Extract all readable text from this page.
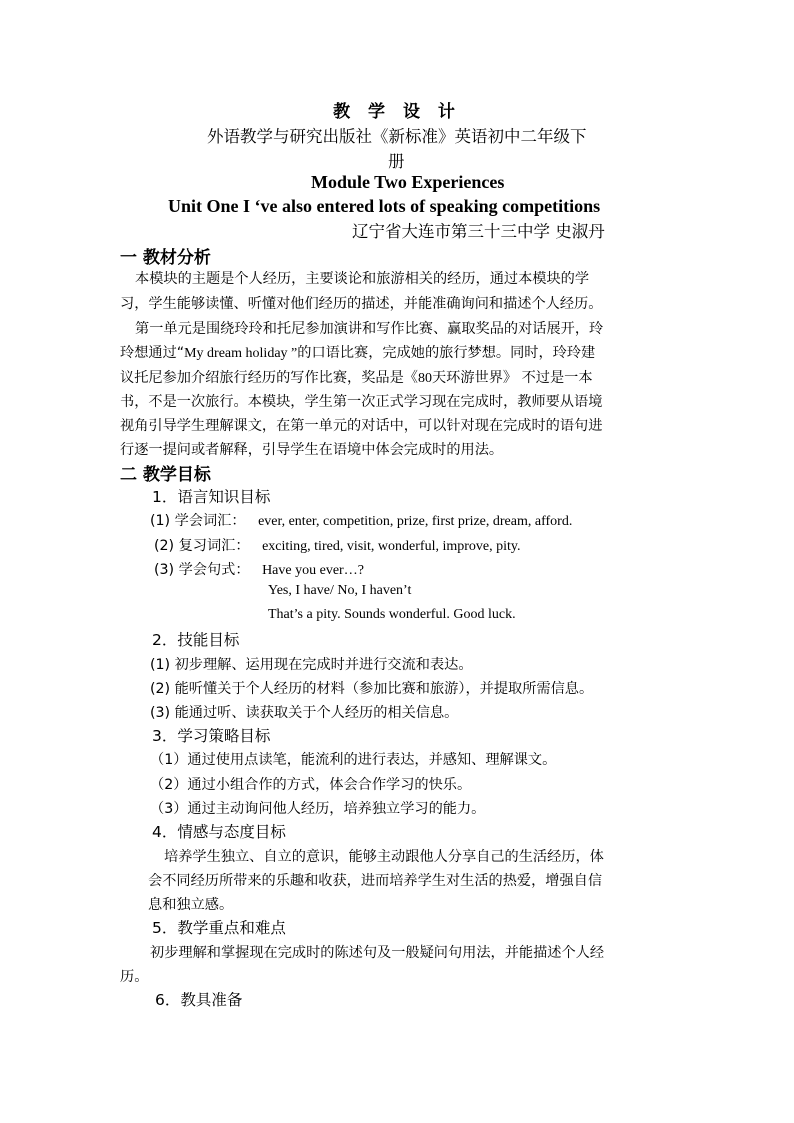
教 学 设 计
外语教学与研究出版社《新标准》英语初中二年级下
册
Module Two Experiences
Unit One I ‘ve also entered lots of speaking competitions
辽宁省大连市第三十三中学 史淑丹
一 教材分析
本模块的主题是个人经历，主要谈论和旅游相关的经历，通过本模块的学
习，学生能够读懂、听懂对他们经历的描述，并能准确询问和描述个人经历。
第一单元是围绕玲玲和托尼参加演讲和写作比赛、赢取奖品的对话展开，玲
玲想通过“My dream holiday ”的口语比赛，完成她的旅行梦想。同时，玲玲建
议托尼参加介绍旅行经历的写作比赛，奖品是《80天环游世界》 不过是一本
书，不是一次旅行。本模块，学生第一次正式学习现在完成时，教师要从语境
视角引导学生理解课文，在第一单元的对话中，可以针对现在完成时的语句进
行逐一提问或者解释，引导学生在语境中体会完成时的用法。
二 教学目标
1．语言知识目标
(1) 学会词汇： ever, enter, competition, prize, first prize, dream, afford.
(2) 复习词汇： exciting, tired, visit, wonderful, improve, pity.
(3) 学会句式： Have you ever…?
Yes, I have/ No, I haven’t
That’s a pity. Sounds wonderful. Good luck.
2．技能目标
(1) 初步理解、运用现在完成时并进行交流和表达。
(2) 能听懂关于个人经历的材料（参加比赛和旅游），并提取所需信息。
(3) 能通过听、读获取关于个人经历的相关信息。
3．学习策略目标
（1）通过使用点读笔，能流利的进行表达，并感知、理解课文。
（2）通过小组合作的方式，体会合作学习的快乐。
（3）通过主动询问他人经历，培养独立学习的能力。
4．情感与态度目标
培养学生独立、自立的意识，能够主动跟他人分享自己的生活经历，体
会不同经历所带来的乐趣和收获，进而培养学生对生活的热爱，增强自信
息和独立感。
5．教学重点和难点
初步理解和掌握现在完成时的陈述句及一般疑问句用法，并能描述个人经
历。
6．教具准备
